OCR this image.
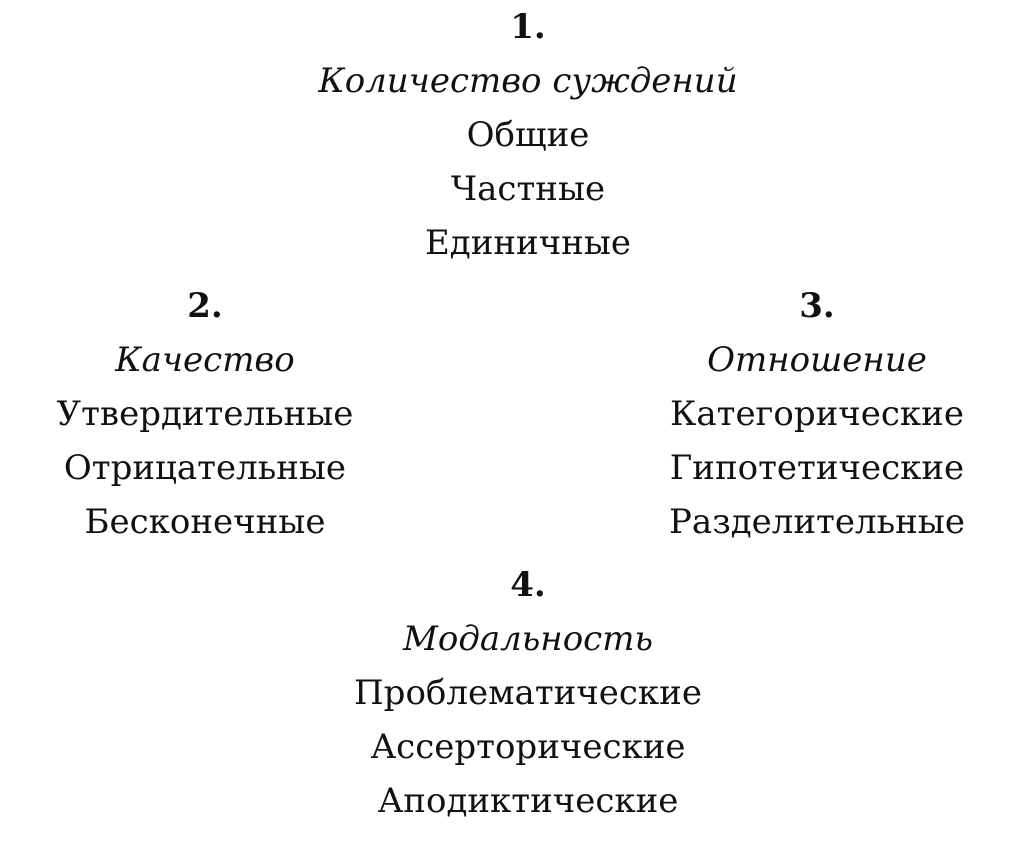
1.
Количество суждений
Общие
Частные
Единичные
2.
Качество
Утвердительные
Отрицательные
Бесконечные
3.
Отношение
Категорические
Гипотетические
Разделительные
4.
Модальность
Проблематические
Ассерторические
Аподиктические
